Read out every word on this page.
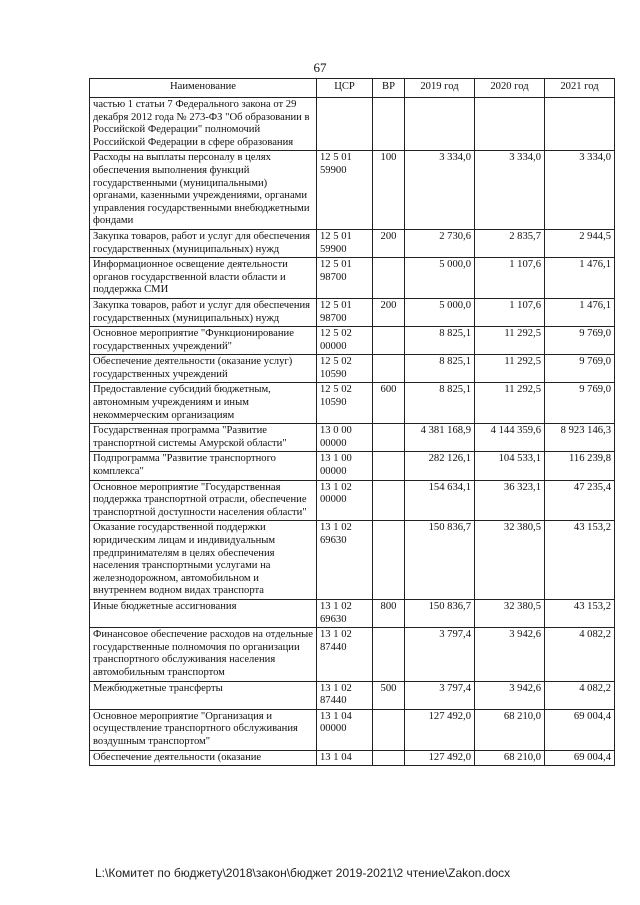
67
Наименование	ЦСР	ВР	2019 год	2020 год	2021 год
частью 1 статьи 7 Федерального закона от 29 декабря 2012 года № 273-ФЗ "Об образовании в Российской Федерации" полномочий Российской Федерации в сфере образования					
Расходы на выплаты персоналу в целях обеспечения выполнения функций государственными (муниципальными) органами, казенными учреждениями, органами управления государственными внебюджетными фондами	12 5 01 59900	100	3 334,0	3 334,0	3 334,0
Закупка товаров, работ и услуг для обеспечения государственных (муниципальных) нужд	12 5 01 59900	200	2 730,6	2 835,7	2 944,5
Информационное освещение деятельности органов государственной власти области и поддержка СМИ	12 5 01 98700		5 000,0	1 107,6	1 476,1
Закупка товаров, работ и услуг для обеспечения государственных (муниципальных) нужд	12 5 01 98700	200	5 000,0	1 107,6	1 476,1
Основное мероприятие "Функционирование государственных учреждений"	12 5 02 00000		8 825,1	11 292,5	9 769,0
Обеспечение деятельности (оказание услуг) государственных учреждений	12 5 02 10590		8 825,1	11 292,5	9 769,0
Предоставление субсидий бюджетным, автономным учреждениям и иным некоммерческим организациям	12 5 02 10590	600	8 825,1	11 292,5	9 769,0
Государственная программа "Развитие транспортной системы Амурской области"	13 0 00 00000		4 381 168,9	4 144 359,6	8 923 146,3
Подпрограмма "Развитие транспортного комплекса"	13 1 00 00000		282 126,1	104 533,1	116 239,8
Основное мероприятие "Государственная поддержка транспортной отрасли, обеспечение транспортной доступности населения области"	13 1 02 00000		154 634,1	36 323,1	47 235,4
Оказание государственной поддержки юридическим лицам и индивидуальным предпринимателям в целях обеспечения населения транспортными услугами на железнодорожном, автомобильном и внутреннем водном видах транспорта	13 1 02 69630		150 836,7	32 380,5	43 153,2
Иные бюджетные ассигнования	13 1 02 69630	800	150 836,7	32 380,5	43 153,2
Финансовое обеспечение расходов на отдельные государственные полномочия по организации транспортного обслуживания населения автомобильным транспортом	13 1 02 87440		3 797,4	3 942,6	4 082,2
Межбюджетные трансферты	13 1 02 87440	500	3 797,4	3 942,6	4 082,2
Основное мероприятие "Организация и осуществление транспортного обслуживания воздушным транспортом"	13 1 04 00000		127 492,0	68 210,0	69 004,4
Обеспечение деятельности (оказание	13 1 04		127 492,0	68 210,0	69 004,4
L:\Комитет по бюджету\2018\закон\бюджет 2019-2021\2 чтение\Zakon.docx
